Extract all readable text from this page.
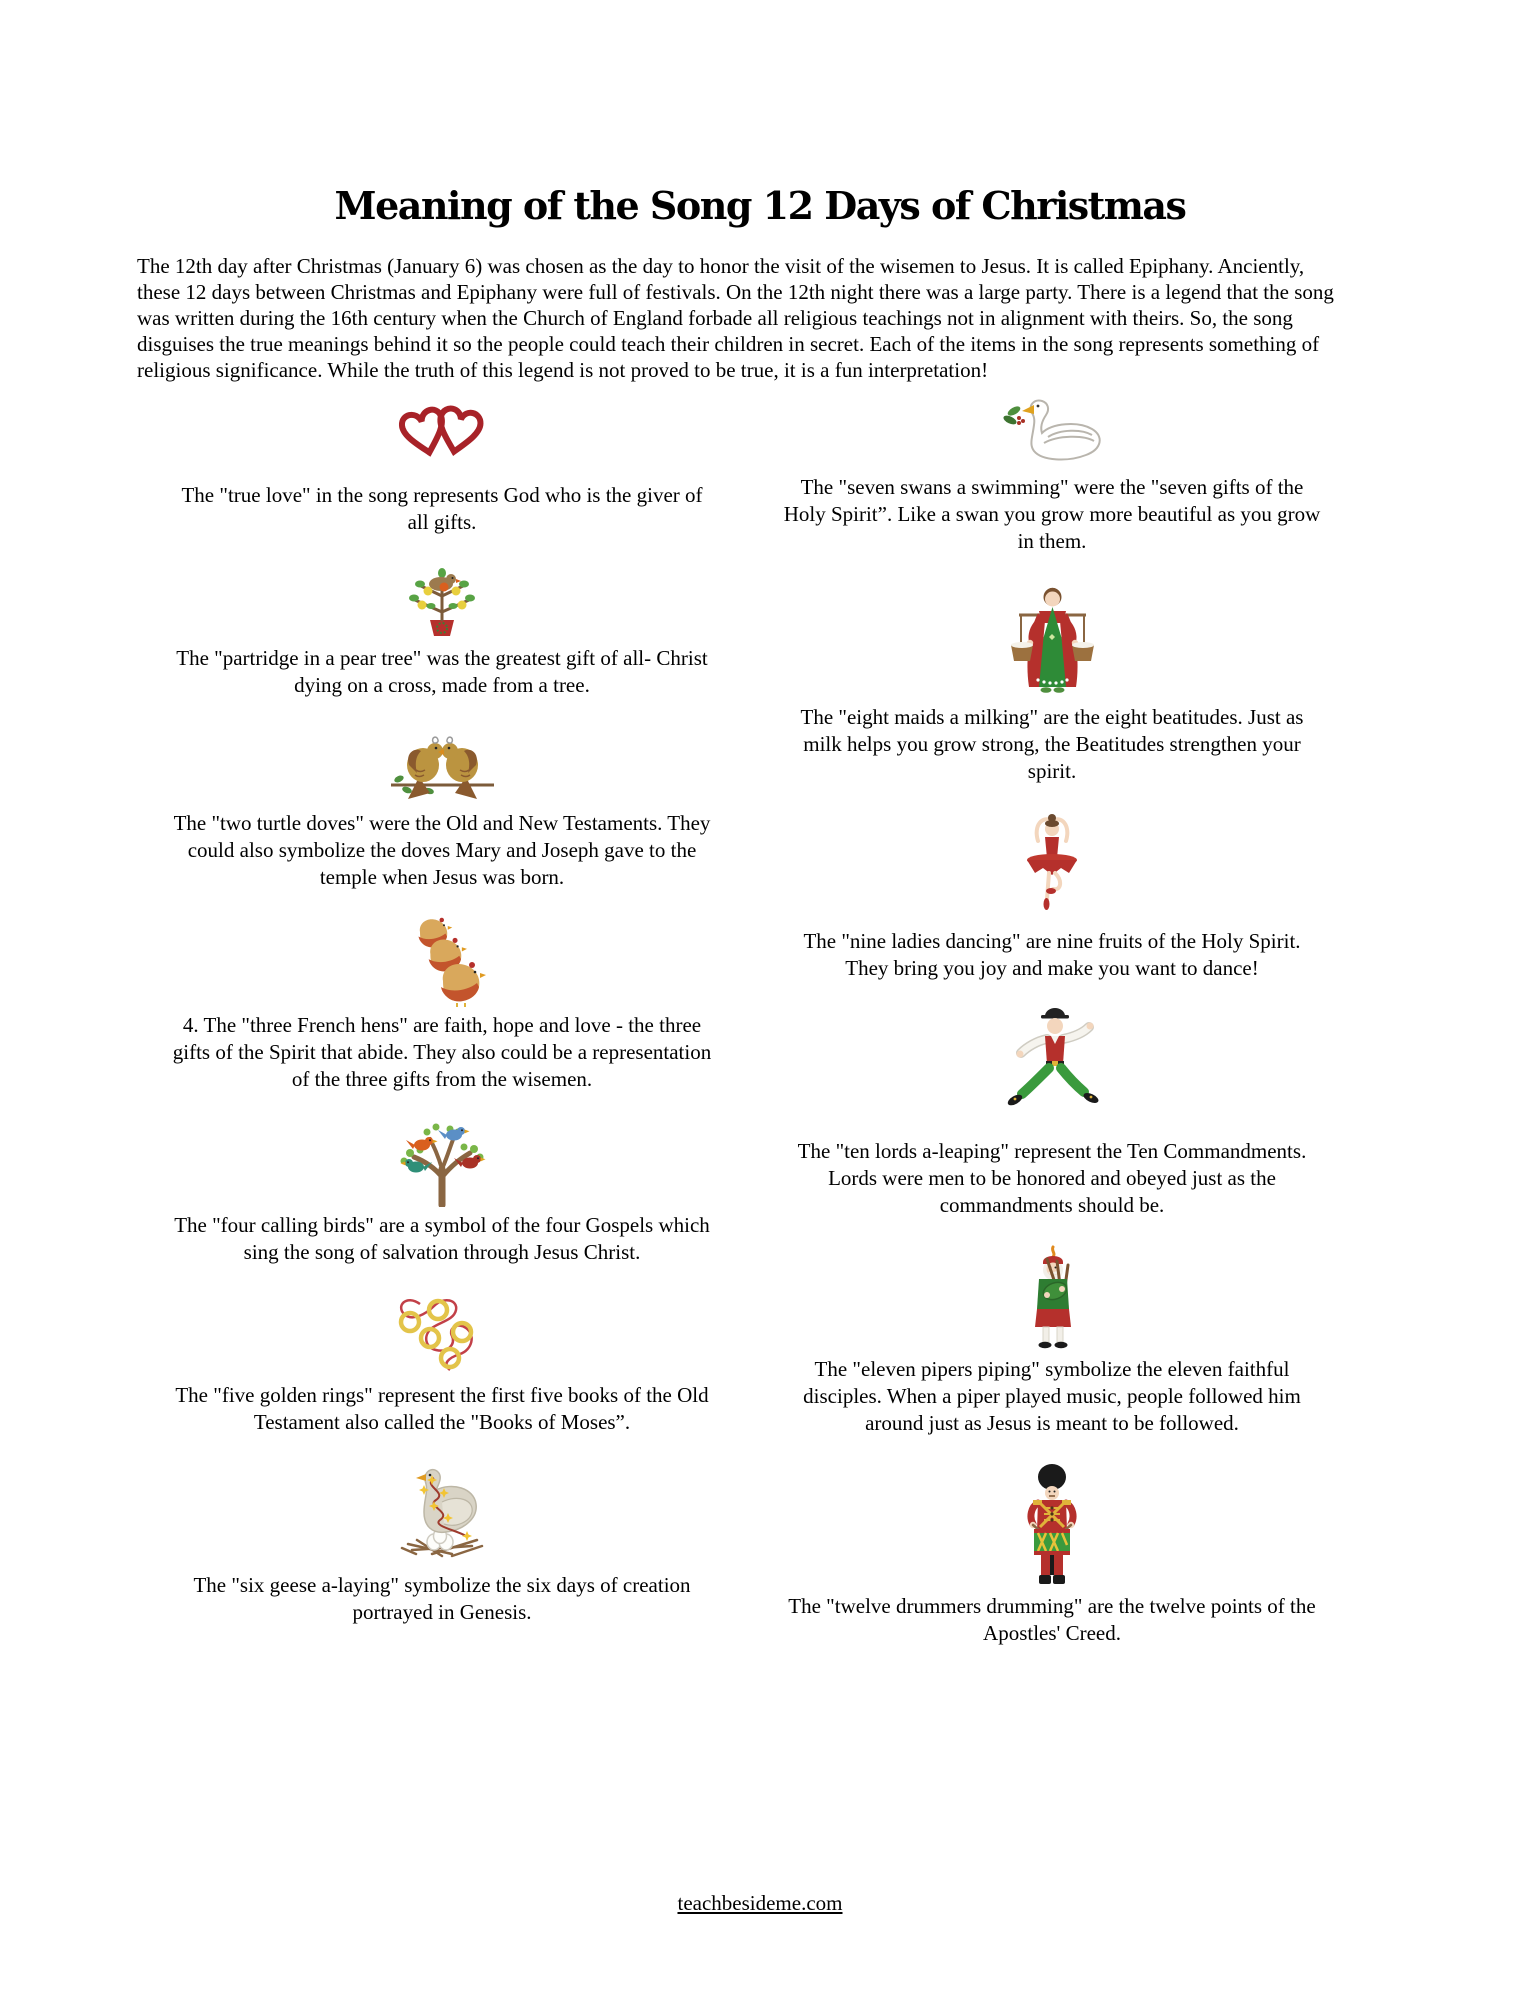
Meaning of the Song 12 Days of Christmas

The 12th day after Christmas (January 6) was chosen as the day to honor the visit of the wisemen to Jesus. It is called Epiphany. Anciently, these 12 days between Christmas and Epiphany were full of festivals. On the 12th night there was a large party. There is a legend that the song was written during the 16th century when the Church of England forbade all religious teachings not in alignment with theirs. So, the song disguises the true meanings behind it so the people could teach their children in secret. Each of the items in the song represents something of religious significance. While the truth of this legend is not proved to be true, it is a fun interpretation!

The "true love" in the song represents God who is the giver of all gifts.

The "partridge in a pear tree" was the greatest gift of all- Christ dying on a cross, made from a tree.

The "two turtle doves" were the Old and New Testaments. They could also symbolize the doves Mary and Joseph gave to the temple when Jesus was born.

4. The "three French hens" are faith, hope and love - the three gifts of the Spirit that abide. They also could be a representation of the three gifts from the wisemen.

The "four calling birds" are a symbol of the four Gospels which sing the song of salvation through Jesus Christ.

The "five golden rings" represent the first five books of the Old Testament also called the "Books of Moses”.

The "six geese a-laying" symbolize the six days of creation portrayed in Genesis.

The "seven swans a swimming" were the "seven gifts of the Holy Spirit”. Like a swan you grow more beautiful as you grow in them.

The "eight maids a milking" are the eight beatitudes. Just as milk helps you grow strong, the Beatitudes strengthen your spirit.

The "nine ladies dancing" are nine fruits of the Holy Spirit. They bring you joy and make you want to dance!

The "ten lords a-leaping" represent the Ten Commandments. Lords were men to be honored and obeyed just as the commandments should be.

The "eleven pipers piping" symbolize the eleven faithful disciples. When a piper played music, people followed him around just as Jesus is meant to be followed.

The "twelve drummers drumming" are the twelve points of the Apostles' Creed.

teachbesideme.com
